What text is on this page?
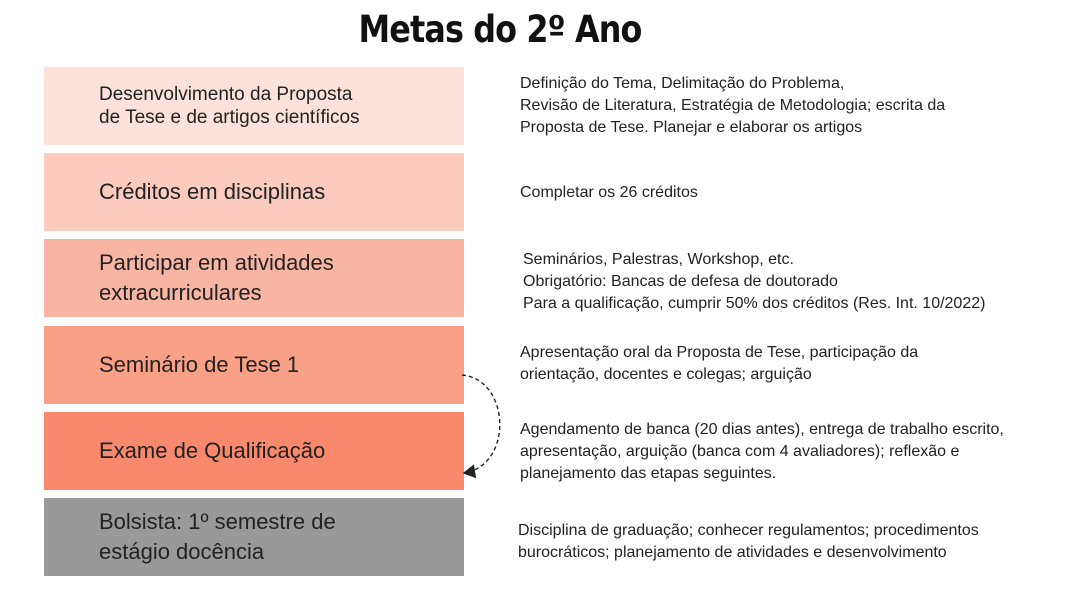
Metas do 2º Ano
Desenvolvimento da Proposta
de Tese e de artigos científicos
Definição do Tema, Delimitação do Problema,
Revisão de Literatura, Estratégia de Metodologia; escrita da
Proposta de Tese. Planejar e elaborar os artigos
Créditos em disciplinas	Completar os 26 créditos
Participar em atividades
extracurriculares
Seminários, Palestras, Workshop, etc.
Obrigatório: Bancas de defesa de doutorado
Para a qualificação, cumprir 50% dos créditos (Res. Int. 10/2022)
Seminário de Tese 1	Apresentação oral da Proposta de Tese, participação da
orientação, docentes e colegas; arguição
Exame de Qualificação
Agendamento de banca (20 dias antes), entrega de trabalho escrito,
apresentação, arguição (banca com 4 avaliadores); reflexão e
planejamento das etapas seguintes.
Bolsista: 1º semestre de
estágio docência
Disciplina de graduação; conhecer regulamentos; procedimentos
burocráticos; planejamento de atividades e desenvolvimento
